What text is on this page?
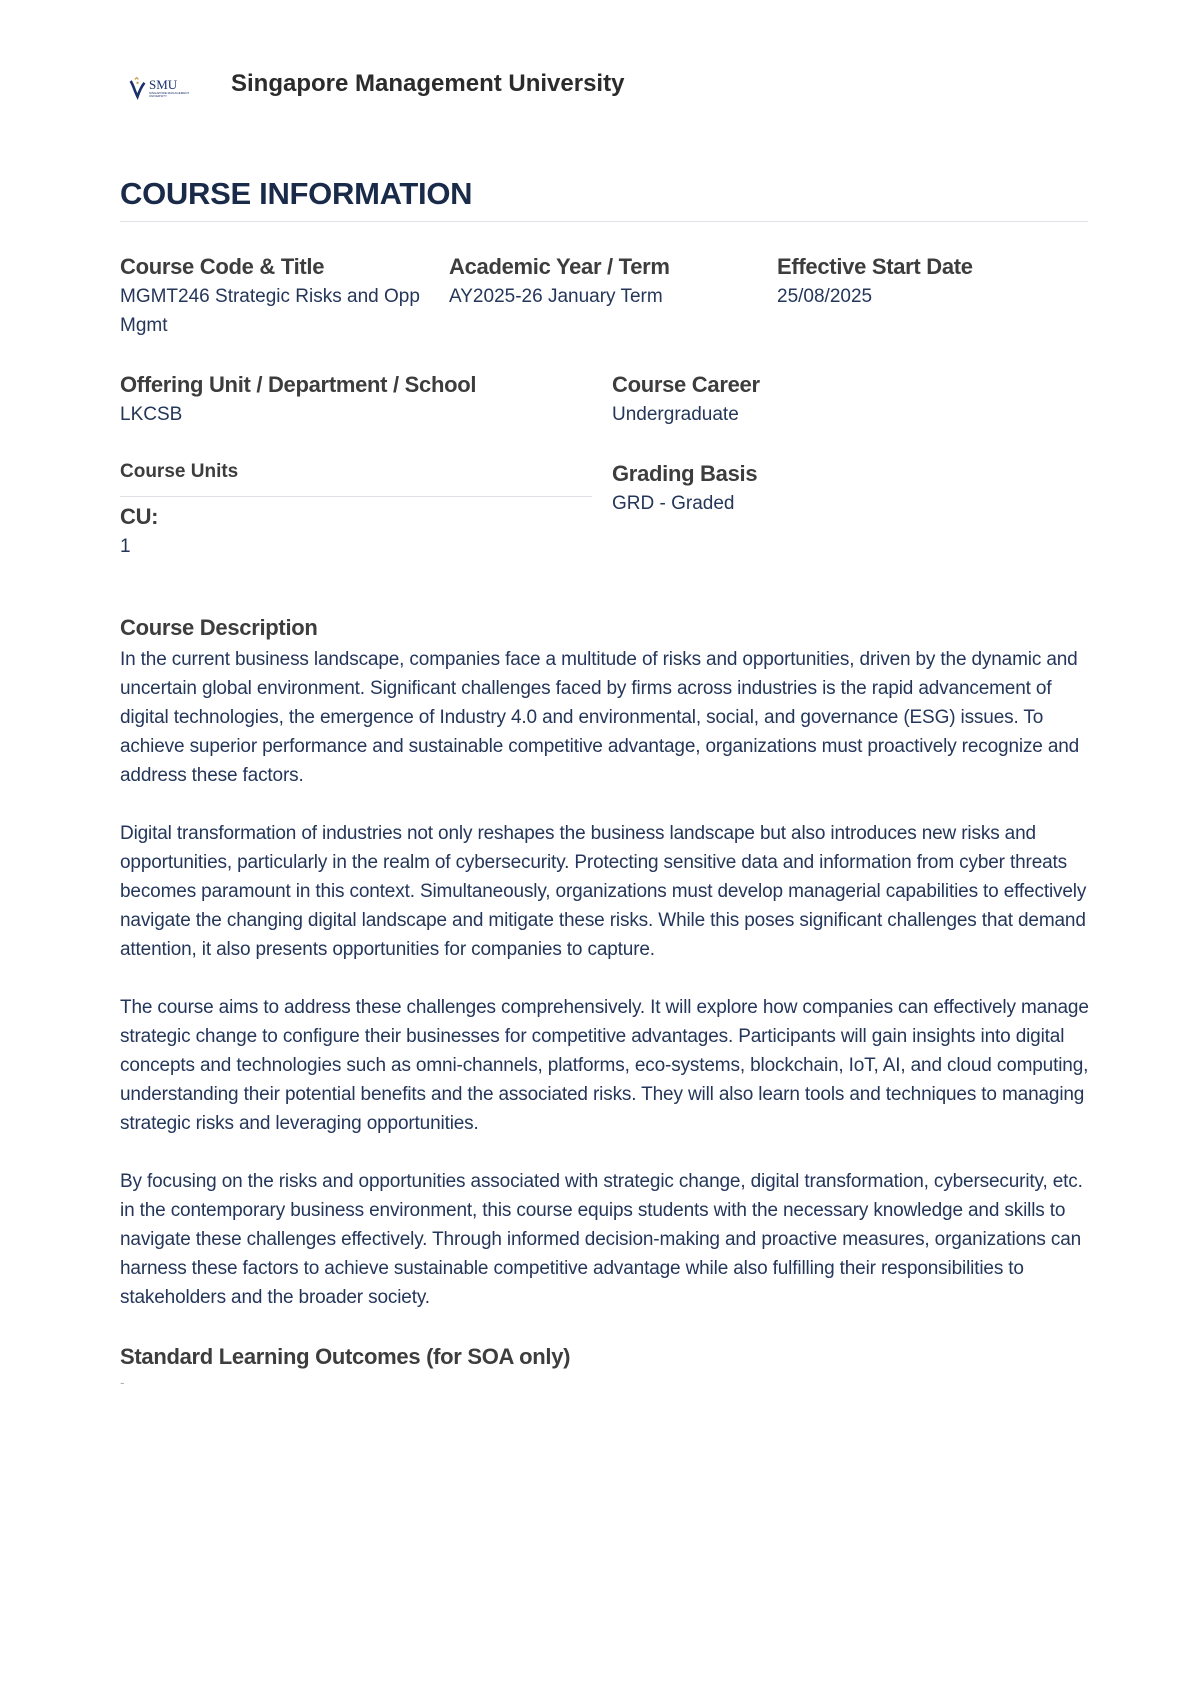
SMU
SINGAPORE MANAGEMENT UNIVERSITY	Singapore Management University
COURSE INFORMATION
Course Code & Title
MGMT246 Strategic Risks and Opp Mgmt
Academic Year / Term
AY2025-26 January Term
Effective Start Date
25/08/2025
Offering Unit / Department / School
LKCSB
Course Career
Undergraduate
Course Units
CU:
1
Grading Basis
GRD - Graded
Course Description

In the current business landscape, companies face a multitude of risks and opportunities, driven by the dynamic and uncertain global environment. Significant challenges faced by firms across industries is the rapid advancement of digital technologies, the emergence of Industry 4.0 and environmental, social, and governance (ESG) issues. To achieve superior performance and sustainable competitive advantage, organizations must proactively recognize and address these factors.

Digital transformation of industries not only reshapes the business landscape but also introduces new risks and opportunities, particularly in the realm of cybersecurity. Protecting sensitive data and information from cyber threats becomes paramount in this context. Simultaneously, organizations must develop managerial capabilities to effectively navigate the changing digital landscape and mitigate these risks. While this poses significant challenges that demand attention, it also presents opportunities for companies to capture.

The course aims to address these challenges comprehensively. It will explore how companies can effectively manage strategic change to configure their businesses for competitive advantages. Participants will gain insights into digital concepts and technologies such as omni-channels, platforms, eco-systems, blockchain, IoT, AI, and cloud computing, understanding their potential benefits and the associated risks. They will also learn tools and techniques to managing strategic risks and leveraging opportunities.

By focusing on the risks and opportunities associated with strategic change, digital transformation, cybersecurity, etc. in the contemporary business environment, this course equips students with the necessary knowledge and skills to navigate these challenges effectively. Through informed decision-making and proactive measures, organizations can harness these factors to achieve sustainable competitive advantage while also fulfilling their responsibilities to stakeholders and the broader society.

Standard Learning Outcomes (for SOA only)
-
